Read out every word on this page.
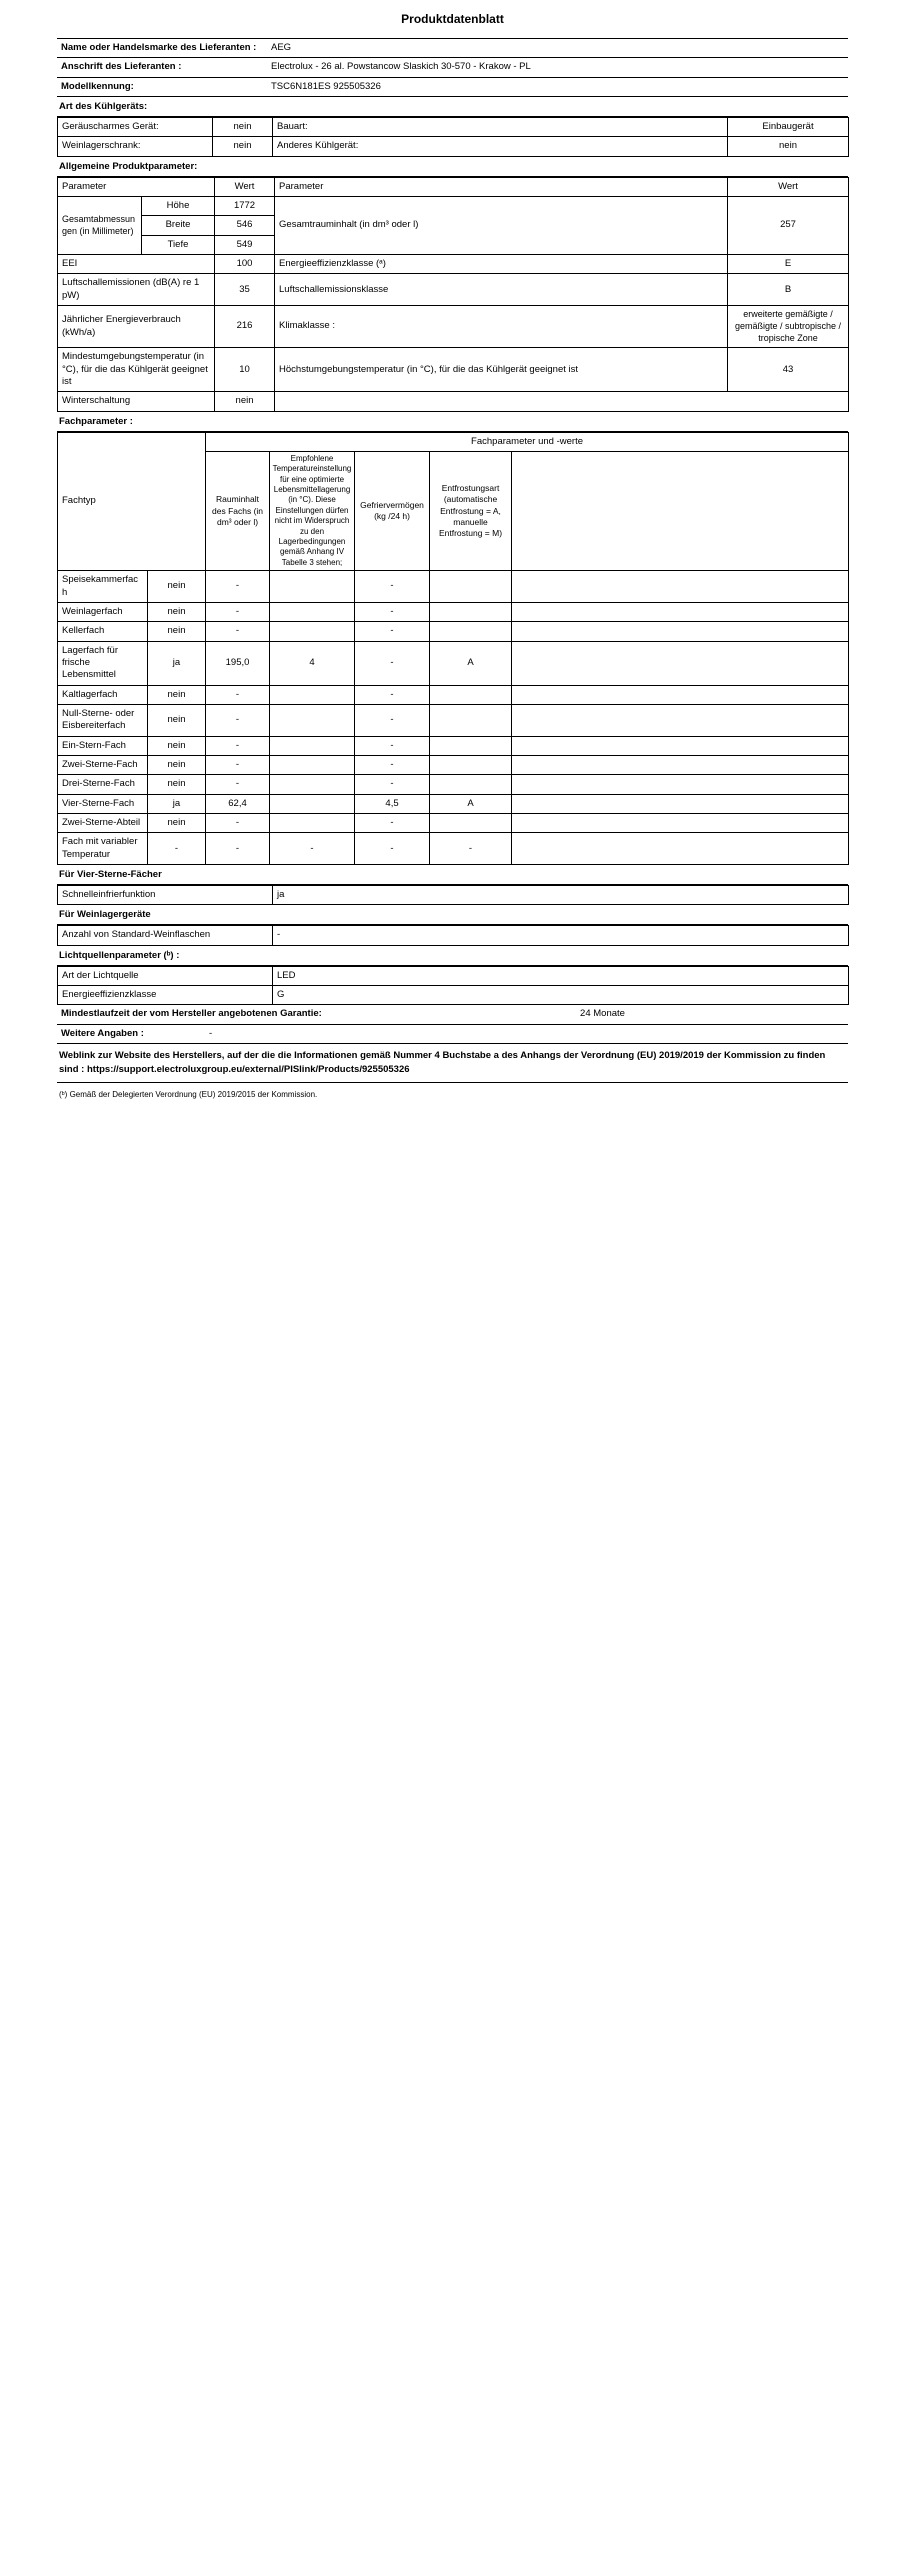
Produktdatenblatt
Name oder Handelsmarke des Lieferanten :	AEG
Anschrift des Lieferanten :	Electrolux - 26 al. Powstancow Slaskich 30-570 - Krakow - PL
Modellkennung:	TSC6N181ES 925505326
Art des Kühlgeräts:
Geräuscharmes Gerät:	nein	Bauart:	Einbaugerät
Weinlagerschrank:	nein	Anderes Kühlgerät:	nein
Allgemeine Produktparameter:
Parameter		Wert	Parameter	Wert
Gesamtabmessungen (in Millimeter)	Höhe	1772	Gesamtrauminhalt (in dm³ oder l)	257
	Breite	546		
	Tiefe	549		
EEI		100	Energieeffizienzklasse (ᵃ)	E
Luftschallemissionen (dB(A) re 1 pW)		35	Luftschallemissionsklasse	B
Jährlicher Energieverbrauch (kWh/a)		216	Klimaklasse :	erweiterte gemäßigte / gemäßigte / subtropische / tropische Zone
Mindestumgebungstemperatur (in °C), für die das Kühlgerät geeignet ist		10	Höchstumgebungstemperatur (in °C), für die das Kühlgerät geeignet ist	43
Winterschaltung		nein		
Fachparameter :
Fachtyp		Fachparameter und -werte				
		Rauminhalt des Fachs (in dm³ oder l)	Empfohlene Temperatureinstellung für eine optimierte Lebensmittellagerung (in °C). Diese Einstellungen dürfen nicht im Widerspruch zu den Lagerbedingungen gemäß Anhang IV Tabelle 3 stehen;	Gefriervermögen (kg /24 h)	Entfrostungsart (automatische Entfrostung = A, manuelle Entfrostung = M)	
Speisekammerfach	nein	-		-		
Weinlagerfach	nein	-		-		
Kellerfach	nein	-		-		
Lagerfach für frische Lebensmittel	ja	195,0	4	-	A	
Kaltlagerfach	nein	-		-		
Null-Sterne- oder Eisbereiterfach	nein	-		-		
Ein-Stern-Fach	nein	-		-		
Zwei-Sterne-Fach	nein	-		-		
Drei-Sterne-Fach	nein	-		-		
Vier-Sterne-Fach	ja	62,4		4,5	A	
Zwei-Sterne-Abteil	nein	-		-		
Fach mit variabler Temperatur	-	-	-	-	-	
Für Vier-Sterne-Fächer
Schnelleinfrierfunktion	ja
Für Weinlagergeräte
Anzahl von Standard-Weinflaschen	-
Lichtquellenparameter (ᵇ) :
Art der Lichtquelle	LED
Energieeffizienzklasse	G
Mindestlaufzeit der vom Hersteller angebotenen Garantie:	24 Monate
Weitere Angaben :	-
Weblink zur Website des Herstellers, auf der die die Informationen gemäß Nummer 4 Buchstabe a des Anhangs der Verordnung (EU) 2019/2019 der Kommission zu finden sind : https://support.electroluxgroup.eu/external/PISlink/Products/925505326
(ᵇ) Gemäß der Delegierten Verordnung (EU) 2019/2015 der Kommission.
